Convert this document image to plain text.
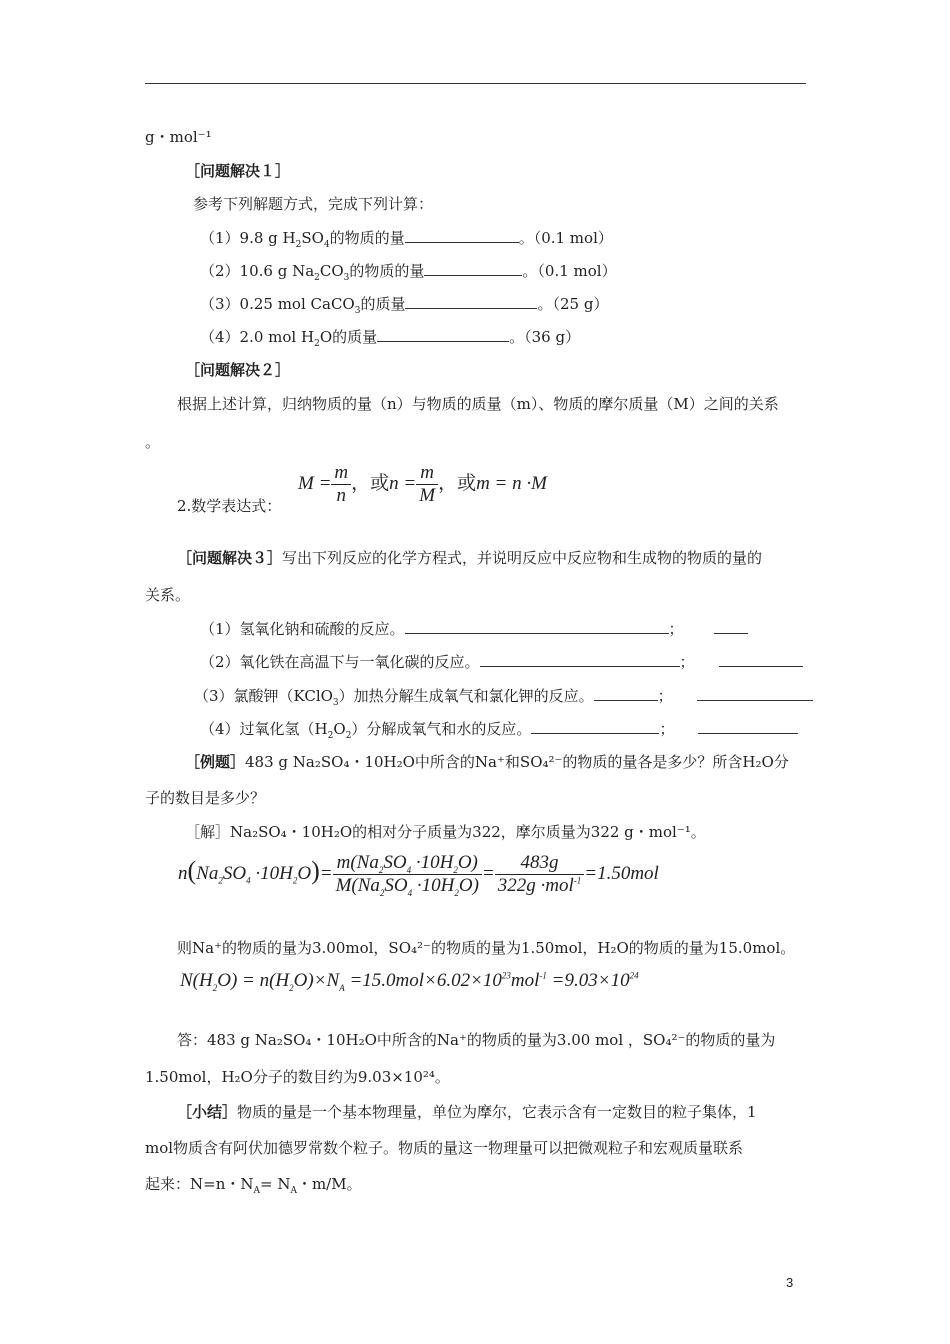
g・mol⁻¹
［问题解决１］
参考下列解题方式，完成下列计算：
（1）9.8 g $H_2SO_4$的物质的量	。（0.1 mol）
（2）10.6 g $Na_2CO_3$的物质的量	。（0.1 mol）
（3）0.25 mol CaCO$_3$的质量	。（25 g）
（4）2.0 mol $H_2O$的质量	。（36 g）
［问题解决２］
根据上述计算，归纳物质的量（n）与物质的质量（m）、物质的摩尔质量（M）之间的关系
。
2.数学表达式：
$M = \frac{m}{n}$ ，或$n = \frac{m}{M}$ ，或m = n ·M
［问题解决３］写出下列反应的化学方程式，并说明反应中反应物和生成物的物质的量的
关系。
（1）氢氧化钠和硫酸的反应。	；
（2）氧化铁在高温下与一氧化碳的反应。	；
（3）氯酸钾（KClO$_3$）加热分解生成氧气和氯化钾的反应。	；
（4）过氧化氢$(H_2O_2)$分解成氧气和水的反应。	；
［例题］483 g Na₂SO₄・10H₂O中所含的Na⁺和SO₄²⁻的物质的量各是多少？所含H₂O分
子的数目是多少？
［解］Na₂SO₄・10H₂O的相对分子质量为322，摩尔质量为322 g・mol⁻¹。
$n(Na_2SO_4 \cdot 10H_2O)= \frac{m(Na_2SO_4 \cdot 10H_2O)}{M(Na_2SO_4 \cdot 10H_2O)} = \frac{483g}{322g \cdot mol^{-1}} =1.50mol$
则Na⁺的物质的量为3.00mol，SO₄²⁻的物质的量为1.50mol，H₂O的物质的量为15.0mol。
$N(H_2O) = n(H_2O)\times N_A =15.0mol\times 6.02\times 10^{23}mol^{-1} =9.03\times 10^{24}$
答：483 g Na₂SO₄・10H₂O中所含的Na⁺的物质的量为3.00 mol ，SO₄²⁻的物质的量为
1.50mol，H₂O分子的数目约为9.03×10²⁴。
［小结］物质的量是一个基本物理量，单位为摩尔，它表示含有一定数目的粒子集体，1
mol物质含有阿伏加德罗常数个粒子。物质的量这一物理量可以把微观粒子和宏观质量联系
起来：N=n・$N_A= N_A$・m/M。
3
